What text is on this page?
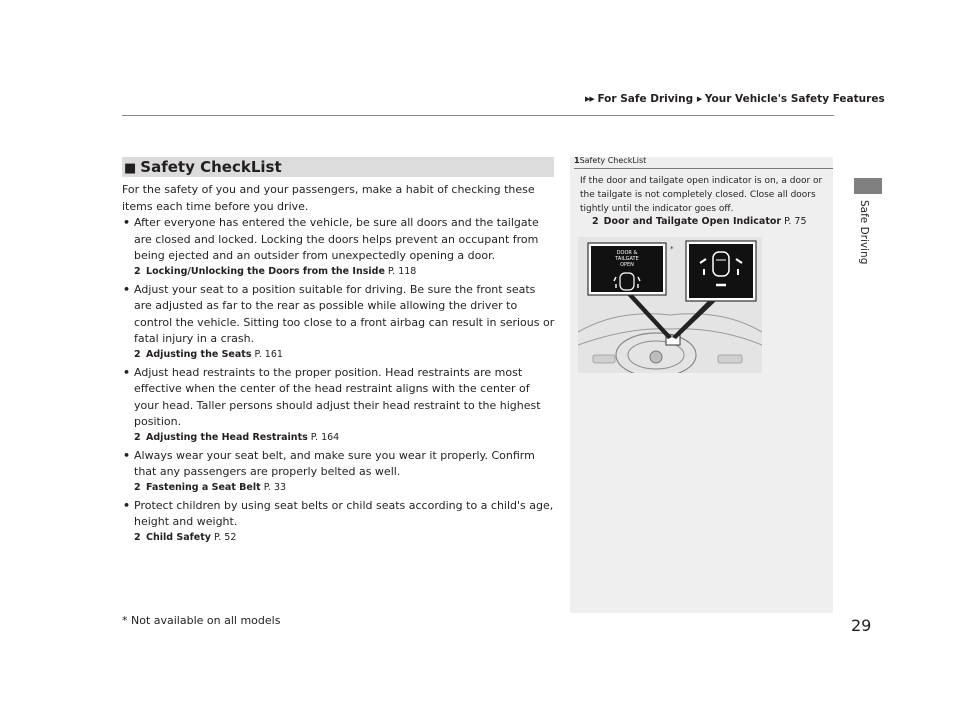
▶▶ For Safe Driving ▶ Your Vehicle's Safety Features
Safe Driving
■ Safety CheckList

For the safety of you and your passengers, make a habit of checking these items each time before you drive.

• After everyone has entered the vehicle, be sure all doors and the tailgate are closed and locked. Locking the doors helps prevent an occupant from being ejected and an outsider from unexpectedly opening a door.
2 Locking/Unlocking the Doors from the Inside P. 118
• Adjust your seat to a position suitable for driving. Be sure the front seats are adjusted as far to the rear as possible while allowing the driver to control the vehicle. Sitting too close to a front airbag can result in serious or fatal injury in a crash.
2 Adjusting the Seats P. 161
• Adjust head restraints to the proper position. Head restraints are most effective when the center of the head restraint aligns with the center of your head. Taller persons should adjust their head restraint to the highest position.
2 Adjusting the Head Restraints P. 164
• Always wear your seat belt, and make sure you wear it properly. Confirm that any passengers are properly belted as well.
2 Fastening a Seat Belt P. 33
• Protect children by using seat belts or child seats according to a child's age, height and weight.
2 Child Safety P. 52
1Safety CheckList
If the door and tailgate open indicator is on, a door or the tailgate is not completely closed. Close all doors tightly until the indicator goes off.
2 Door and Tailgate Open Indicator P. 75
DOOR &
TAILGATE
OPEN
*
* Not available on all models	29
